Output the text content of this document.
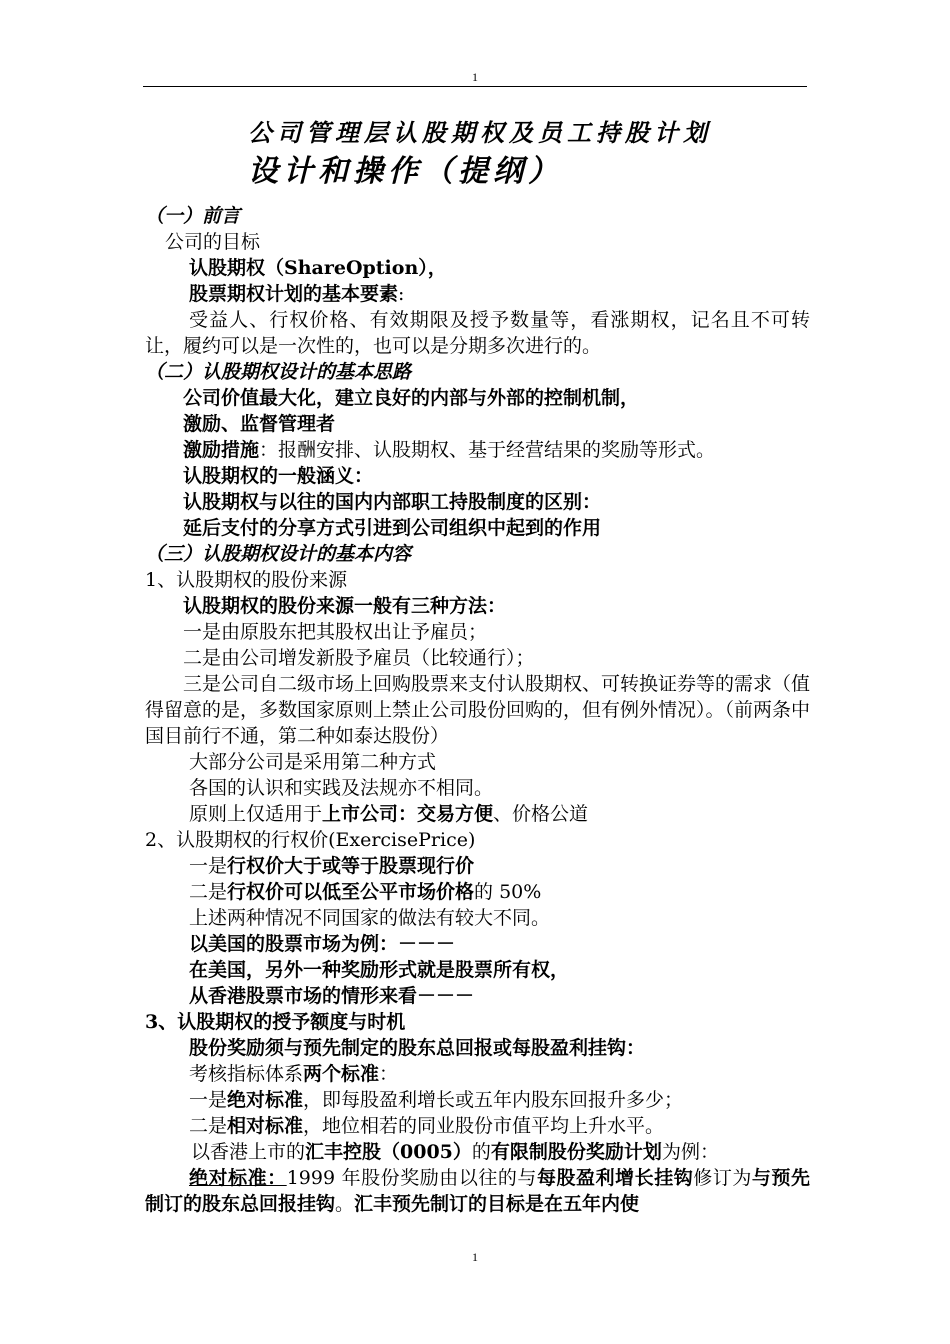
1
公司管理层认股期权及员工持股计划
设计和操作（提纲）
（一）前言
公司的目标
认股期权（ShareOption），
股票期权计划的基本要素:
受益人、行权价格、有效期限及授予数量等，看涨期权，记名且不可转让，履约可以是一次性的，也可以是分期多次进行的。
（二）认股期权设计的基本思路
公司价值最大化，建立良好的内部与外部的控制机制，
激励、监督管理者
激励措施：报酬安排、认股期权、基于经营结果的奖励等形式。
认股期权的一般涵义：
认股期权与以往的国内内部职工持股制度的区别：
延后支付的分享方式引进到公司组织中起到的作用
（三）认股期权设计的基本内容
1、认股期权的股份来源
认股期权的股份来源一般有三种方法：
一是由原股东把其股权出让予雇员；
二是由公司增发新股予雇员（比较通行）；
三是公司自二级市场上回购股票来支付认股期权、可转换证券等的需求（值得留意的是，多数国家原则上禁止公司股份回购的，但有例外情况）。（前两条中国目前行不通，第二种如泰达股份）
大部分公司是采用第二种方式
各国的认识和实践及法规亦不相同。
原则上仅适用于上市公司：交易方便、价格公道
2、认股期权的行权价(ExercisePrice)
一是行权价大于或等于股票现行价
二是行权价可以低至公平市场价格的 50%
上述两种情况不同国家的做法有较大不同。
以美国的股票市场为例：－－－
在美国，另外一种奖励形式就是股票所有权，
从香港股票市场的情形来看－－－
3、认股期权的授予额度与时机
股份奖励须与预先制定的股东总回报或每股盈利挂钩：
考核指标体系两个标准：
一是绝对标准，即每股盈利增长或五年内股东回报升多少；
二是相对标准，地位相若的同业股份市值平均上升水平。
以香港上市的汇丰控股（0005）的有限制股份奖励计划为例：
绝对标准：1999 年股份奖励由以往的与每股盈利增长挂钩修订为与预先制订的股东总回报挂钩。汇丰预先制订的目标是在五年内使
1
